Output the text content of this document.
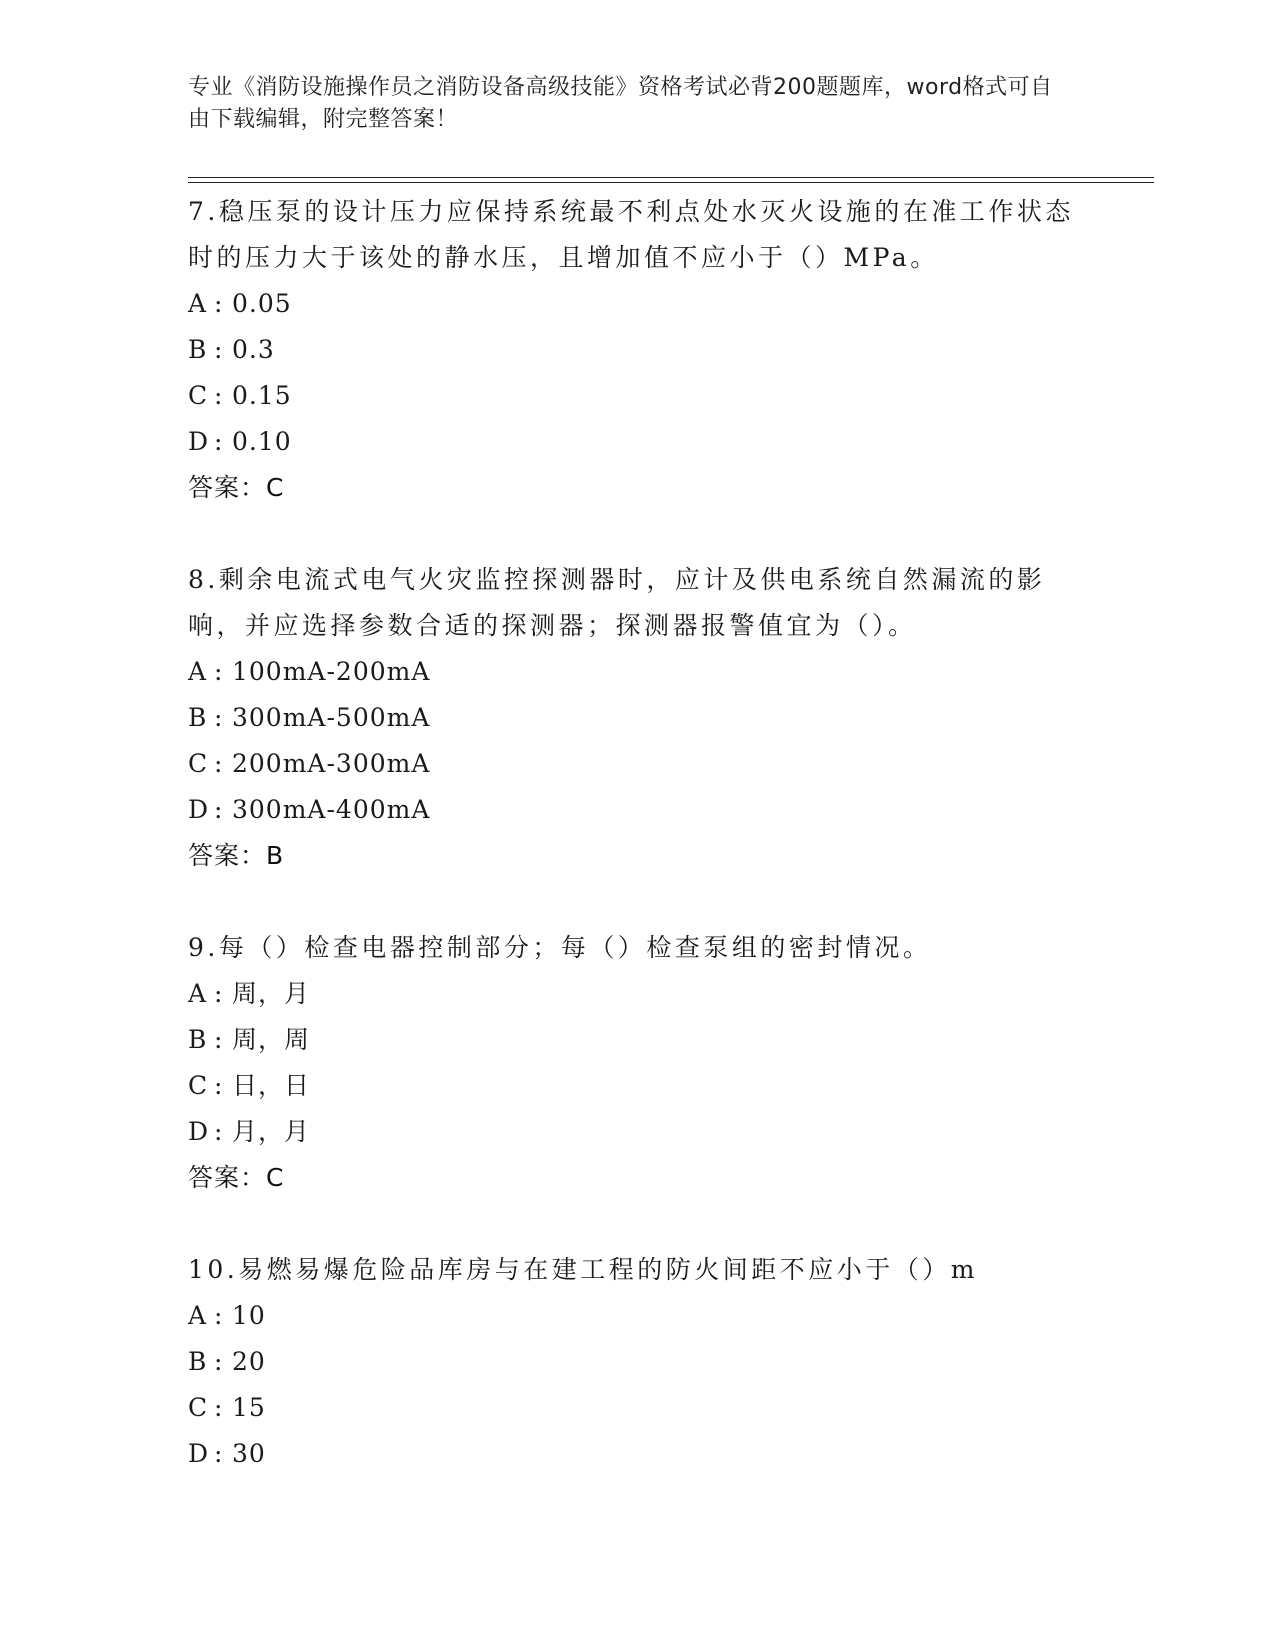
专业《消防设施操作员之消防设备高级技能》资格考试必背200题题库，word格式可自由下载编辑，附完整答案！

7.稳压泵的设计压力应保持系统最不利点处水灭火设施的在准工作状态时的压力大于该处的静水压，且增加值不应小于（）MPa。

A : 0.05

B : 0.3

C : 0.15

D : 0.10

答案：C

8.剩余电流式电气火灾监控探测器时，应计及供电系统自然漏流的影响，并应选择参数合适的探测器；探测器报警值宜为（）。

A : 100mA-200mA

B : 300mA-500mA

C : 200mA-300mA

D : 300mA-400mA

答案：B

9.每（）检查电器控制部分；每（）检查泵组的密封情况。

A : 周，月

B : 周，周

C : 日，日

D : 月，月

答案：C

10.易燃易爆危险品库房与在建工程的防火间距不应小于（）m

A : 10

B : 20

C : 15

D : 30
